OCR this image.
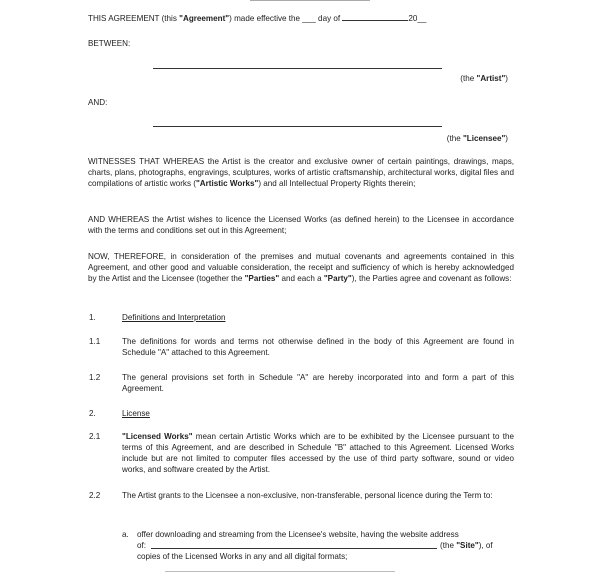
THIS AGREEMENT (this "Agreement") made effective the ___ day of	20__
BETWEEN:
(the "Artist")
AND:
(the "Licensee")
WITNESSES THAT WHEREAS the Artist is the creator and exclusive owner of certain paintings, drawings, maps, charts, plans, photographs, engravings, sculptures, works of artistic craftsmanship, architectural works, digital files and compilations of artistic works ("Artistic Works") and all Intellectual Property Rights therein;
AND WHEREAS the Artist wishes to licence the Licensed Works (as defined herein) to the Licensee in accordance with the terms and conditions set out in this Agreement;
NOW, THEREFORE, in consideration of the premises and mutual covenants and agreements contained in this Agreement, and other good and valuable consideration, the receipt and sufficiency of which is hereby acknowledged by the Artist and the Licensee (together the "Parties" and each a "Party"), the Parties agree and covenant as follows:
1.	Definitions and Interpretation
1.1	The definitions for words and terms not otherwise defined in the body of this Agreement are found in Schedule "A" attached to this Agreement.
1.2	The general provisions set forth in Schedule "A" are hereby incorporated into and form a part of this Agreement.
2.	License
2.1	"Licensed Works" mean certain Artistic Works which are to be exhibited by the Licensee pursuant to the terms of this Agreement, and are described in Schedule "B" attached to this Agreement. Licensed Works include but are not limited to computer files accessed by the use of third party software, sound or video works, and software created by the Artist.
2.2	The Artist grants to the Licensee a non-exclusive, non-transferable, personal licence during the Term to:
a. offer downloading and streaming from the Licensee's website, having the website address
of:	(the "Site"), of
copies of the Licensed Works in any and all digital formats;
